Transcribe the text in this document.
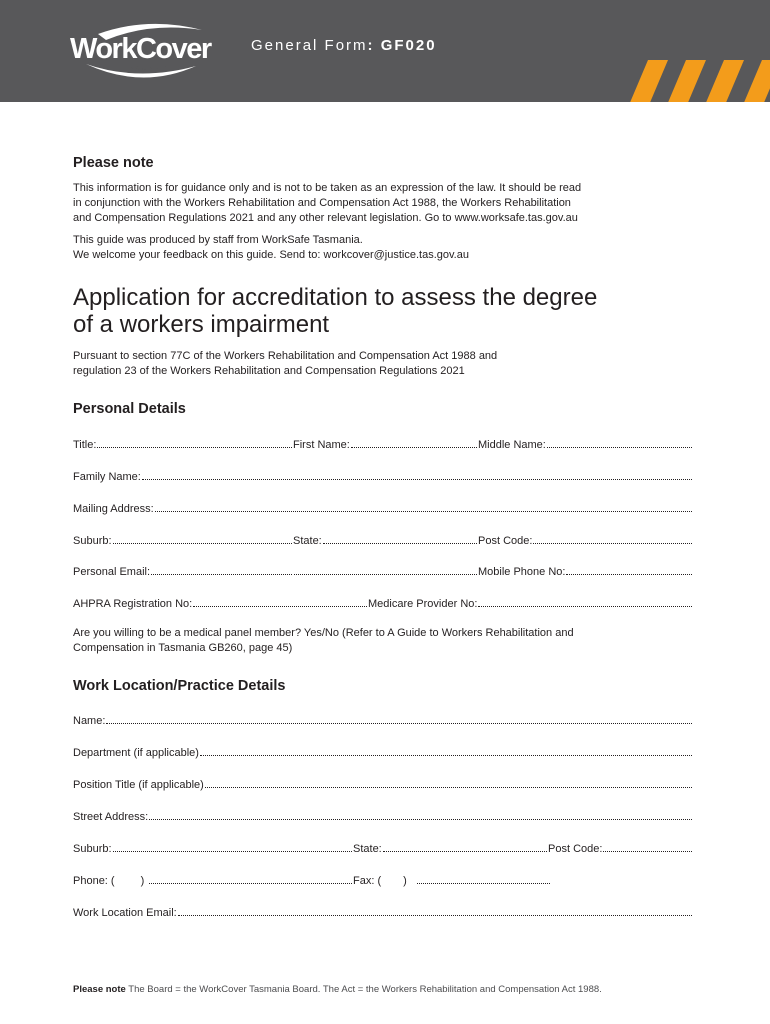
WorkCover
TASMANIA
General Form: GF020
Please note
This information is for guidance only and is not to be taken as an expression of the law. It should be read
in conjunction with the Workers Rehabilitation and Compensation Act 1988, the Workers Rehabilitation
and Compensation Regulations 2021 and any other relevant legislation. Go to www.worksafe.tas.gov.au
This guide was produced by staff from WorkSafe Tasmania.
We welcome your feedback on this guide. Send to: workcover@justice.tas.gov.au
Application for accreditation to assess the degree
of a workers impairment
Pursuant to section 77C of the Workers Rehabilitation and Compensation Act 1988 and
regulation 23 of the Workers Rehabilitation and Compensation Regulations 2021
Personal Details
Title:	First Name:	Middle Name:
Family Name:
Mailing Address:
Suburb:	State:	Post Code:
Personal Email:	Mobile Phone No:
AHPRA Registration No:	Medicare Provider No:
Are you willing to be a medical panel member? Yes/No (Refer to A Guide to Workers Rehabilitation and
Compensation in Tasmania GB260, page 45)
Work Location/Practice Details
Name:
Department (if applicable)
Position Title (if applicable)
Street Address:
Suburb:	State:	Post Code:
Phone: ( )	Fax: ( )
Work Location Email:
Please note The Board = the WorkCover Tasmania Board. The Act = the Workers Rehabilitation and Compensation Act 1988.
